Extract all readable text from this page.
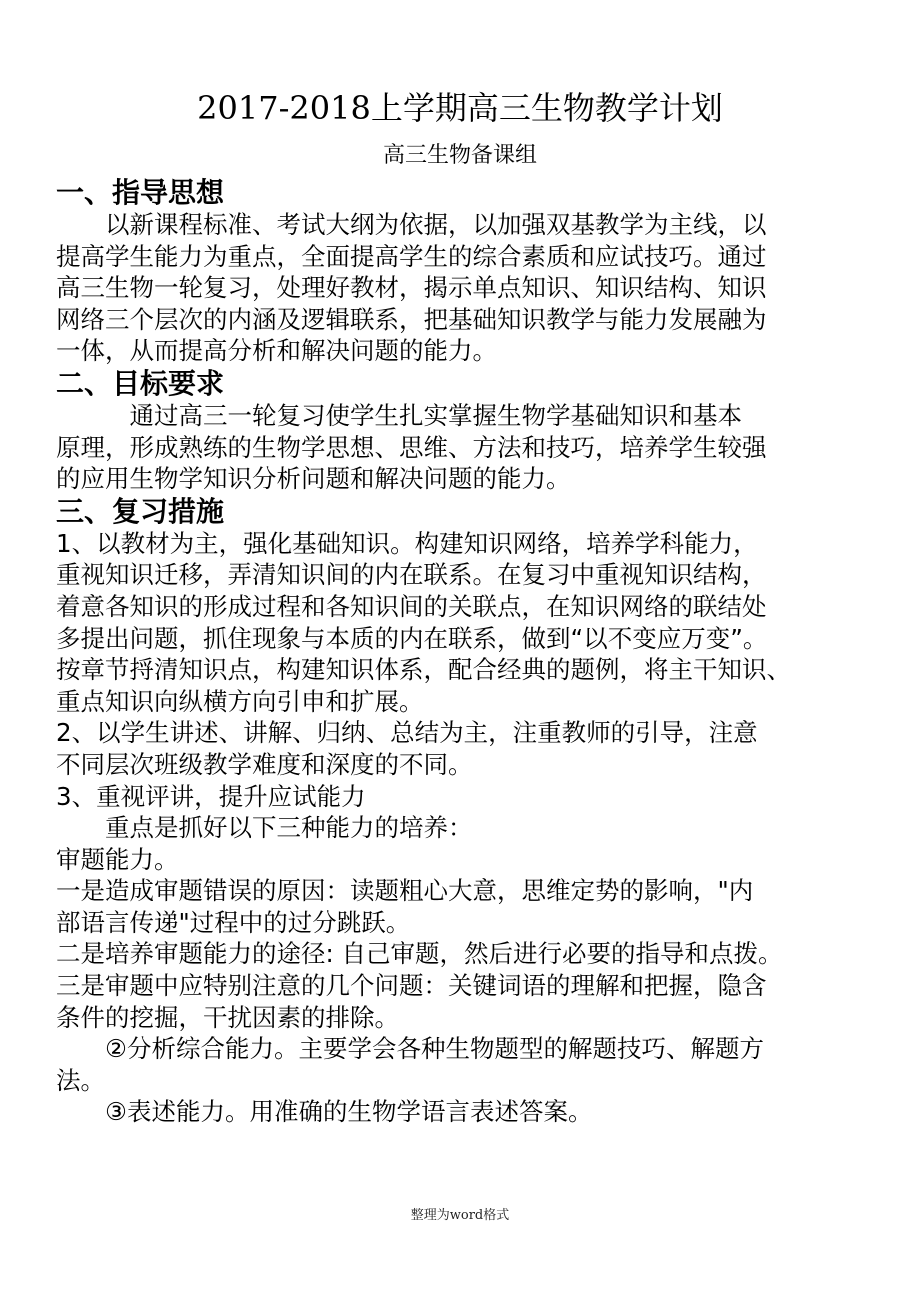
2017-2018上学期高三生物教学计划
高三生物备课组
一、指导思想
　　以新课程标准、考试大纲为依据，以加强双基教学为主线，以
提高学生能力为重点，全面提高学生的综合素质和应试技巧。通过
高三生物一轮复习，处理好教材，揭示单点知识、知识结构、知识
网络三个层次的内涵及逻辑联系，把基础知识教学与能力发展融为
一体，从而提高分析和解决问题的能力。
二、目标要求
　　　通过高三一轮复习使学生扎实掌握生物学基础知识和基本
原理，形成熟练的生物学思想、思维、方法和技巧，培养学生较强
的应用生物学知识分析问题和解决问题的能力。
三、复习措施
1、以教材为主，强化基础知识。构建知识网络，培养学科能力，
重视知识迁移，弄清知识间的内在联系。在复习中重视知识结构，
着意各知识的形成过程和各知识间的关联点，在知识网络的联结处
多提出问题，抓住现象与本质的内在联系，做到“以不变应万变”。
按章节捋清知识点，构建知识体系，配合经典的题例，将主干知识、
重点知识向纵横方向引申和扩展。
2、以学生讲述、讲解、归纳、总结为主，注重教师的引导，注意
不同层次班级教学难度和深度的不同。
3、重视评讲，提升应试能力
　　重点是抓好以下三种能力的培养：
审题能力。
一是造成审题错误的原因：读题粗心大意，思维定势的影响，"内
部语言传递"过程中的过分跳跃。
二是培养审题能力的途径: 自己审题，然后进行必要的指导和点拨。
三是审题中应特别注意的几个问题：关键词语的理解和把握，隐含
条件的挖掘，干扰因素的排除。
　　②分析综合能力。主要学会各种生物题型的解题技巧、解题方
法。
　　③表述能力。用准确的生物学语言表述答案。
整理为word格式
